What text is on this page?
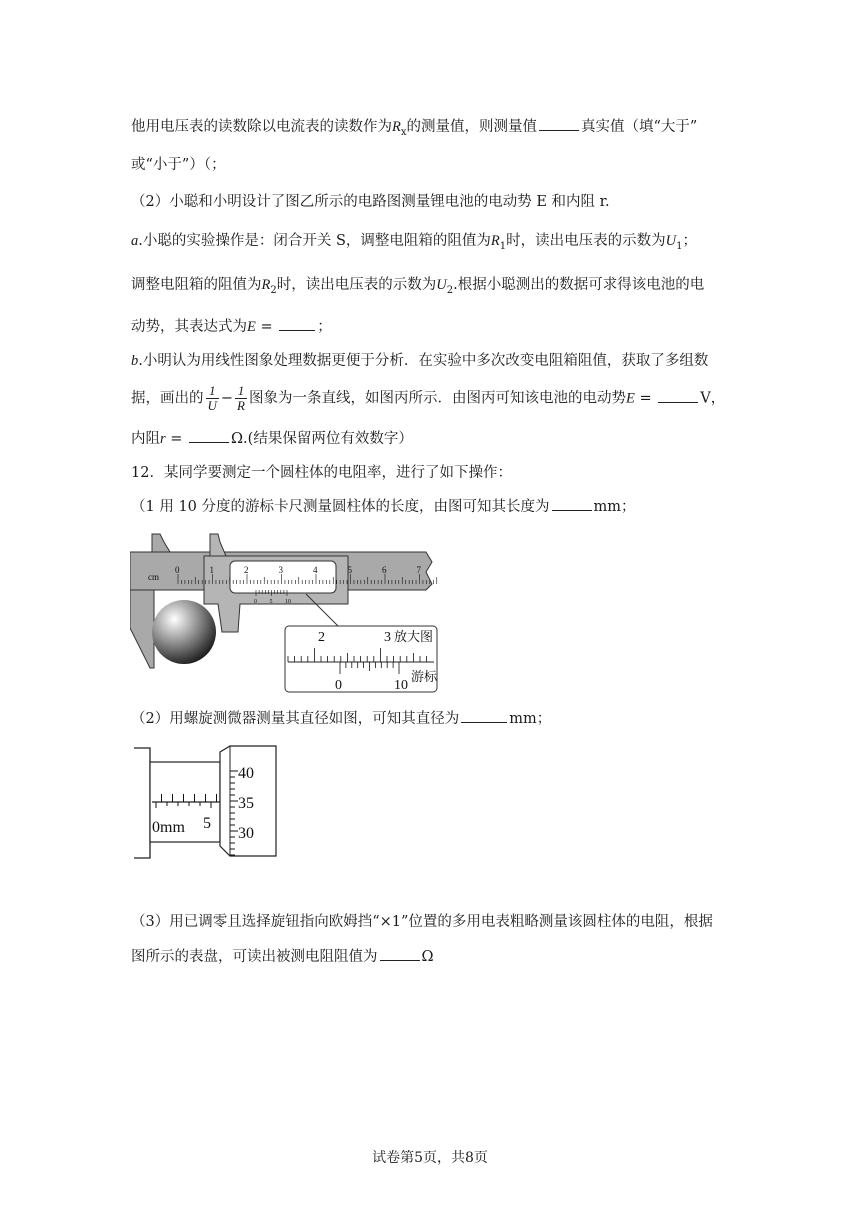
他用电压表的读数除以电流表的读数作为$R_x$的测量值，则测量值	真实值（填“大于”
或“小于”）（；
（2）小聪和小明设计了图乙所示的电路图测量锂电池的电动势 E 和内阻 r.
a.小聪的实验操作是：闭合开关 S，调整电阻箱的阻值为$R_1$时，读出电压表的示数为$U_1$；
调整电阻箱的阻值为$R_2$时，读出电压表的示数为$U_2$.根据小聪测出的数据可求得该电池的电
动势，其表达式为E =	；
b.小明认为用线性图象处理数据更便于分析．在实验中多次改变电阻箱阻值，获取了多组数
据，画出的 $\frac{1}{U} - \frac{1}{R}$ 图象为一条直线，如图丙所示．由图丙可知该电池的电动势E =	V，
内阻r =	Ω.(结果保留两位有效数字）
12．某同学要测定一个圆柱体的电阻率，进行了如下操作：
（1 用 10 分度的游标卡尺测量圆柱体的长度，由图可知其长度为	mm；
0	1	2	3	4	5	6	7
cm
0 5 10
放大图
2	3
0	10
游标
（2）用螺旋测微器测量其直径如图，可知其直径为	mm；
0mm 5
40
35
30
（3）用已调零且选择旋钮指向欧姆挡“×1”位置的多用电表粗略测量该圆柱体的电阻，根据
图所示的表盘，可读出被测电阻阻值为	Ω
试卷第5页，共8页
